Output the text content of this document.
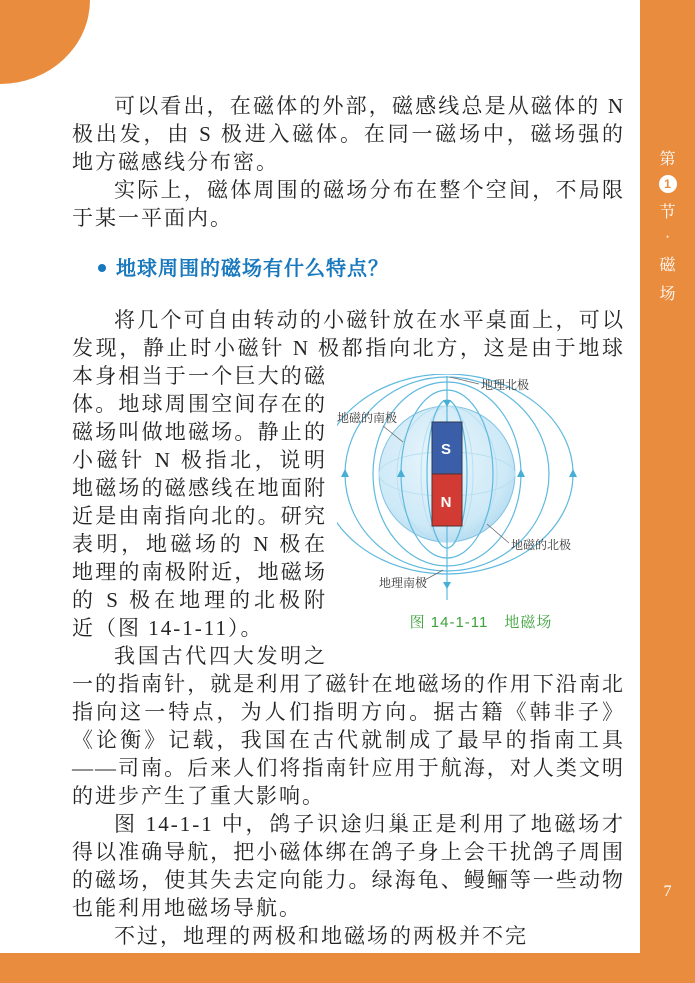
可以看出，在磁体的外部，磁感线总是从磁体的 N 极出发，由 S 极进入磁体。在同一磁场中，磁场强的地方磁感线分布密。

实际上，磁体周围的磁场分布在整个空间，不局限于某一平面内。

地球周围的磁场有什么特点？
S
N
地理北极
地磁的南极
地磁的北极
地理南极
图 14-1-11　地磁场

将几个可自由转动的小磁针放在水平桌面上，可以发现，静止时小磁针 N 极都指向北方，这是由于地球本身相当于一个巨大的磁体。地球周围空间存在的磁场叫做地磁场。静止的小磁针 N 极指北，说明地磁场的磁感线在地面附近是由南指向北的。研究表明，地磁场的 N 极在地理的南极附近，地磁场的 S 极在地理的北极附近（图 14-1-11）。

我国古代四大发明之一的指南针，就是利用了磁针在地磁场的作用下沿南北指向这一特点，为人们指明方向。据古籍《韩非子》《论衡》记载，我国在古代就制成了最早的指南工具——司南。后来人们将指南针应用于航海，对人类文明的进步产生了重大影响。

图 14-1-1 中，鸽子识途归巢正是利用了地磁场才得以准确导航，把小磁体绑在鸽子身上会干扰鸽子周围的磁场，使其失去定向能力。绿海龟、鳗鲡等一些动物也能利用地磁场导航。

不过，地理的两极和地磁场的两极并不完

第
1
节
·
磁
场
7
